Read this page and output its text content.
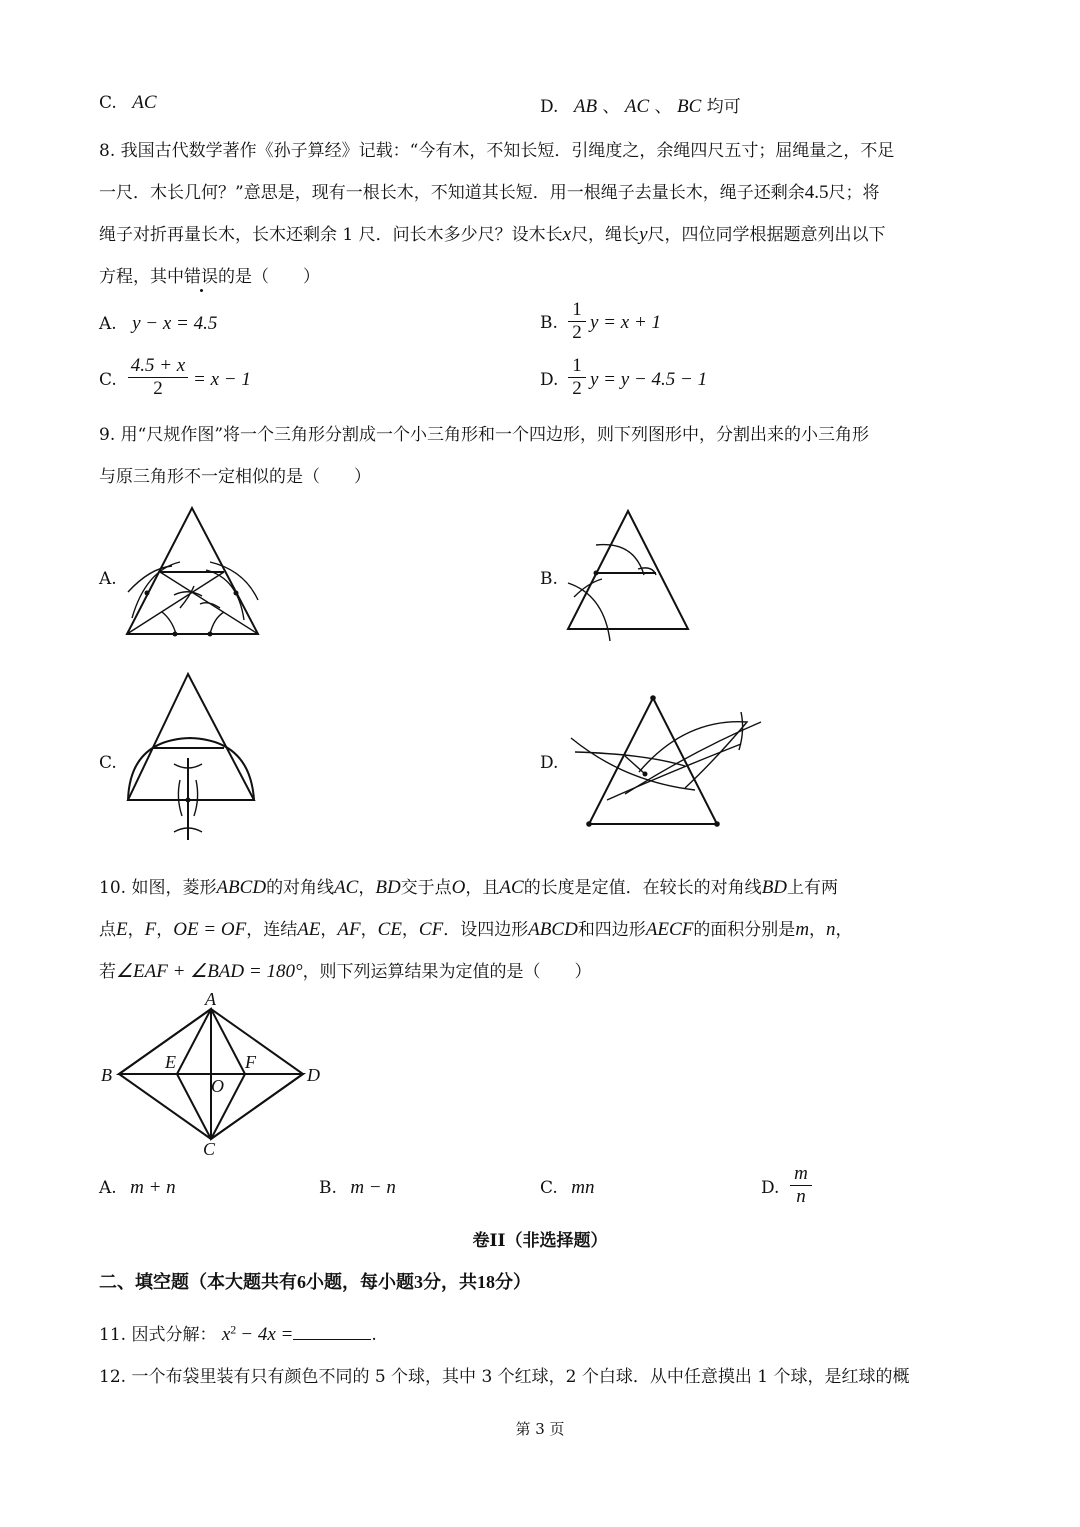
C. AC	D. AB 、 AC 、 BC 均可
8. 我国古代数学著作《孙子算经》记载：“今有木，不知长短．引绳度之，余绳四尺五寸；屈绳量之，不足
一尺．木长几何？”意思是，现有一根长木，不知道其长短．用一根绳子去量长木，绳子还剩余4.5尺；将
绳子对折再量长木，长木还剩余 1 尺．问长木多少尺？设木长x尺，绳长y尺，四位同学根据题意列出以下
方程，其中错误的是（　　）
A. y − x = 4.5	B.
1
2 y = x + 1
C.
4.5 + x
2	= x − 1	D.
1
2 y = y − 4.5 − 1
9. 用“尺规作图”将一个三角形分割成一个小三角形和一个四边形，则下列图形中，分割出来的小三角形
与原三角形不一定相似的是（　　）
A.	B.
C.	D.
10. 如图，菱形ABCD的对角线AC，BD交于点O，且AC的长度是定值．在较长的对角线BD上有两
点E，F，OE = OF，连结AE，AF，CE，CF．设四边形ABCD和四边形AECF的面积分别是m，n，
若∠EAF + ∠BAD = 180°，则下列运算结果为定值的是（　　）
A
B
C
D
E	F
O
A. m + n	B. m − n	C. mn	D.
m
n
卷II（非选择题）
二、填空题（本大题共有6小题，每小题3分，共18分）
11. 因式分解： $x^2 - 4x$ =	.
12. 一个布袋里装有只有颜色不同的 5 个球，其中 3 个红球，2 个白球．从中任意摸出 1 个球，是红球的概
第 3 页
